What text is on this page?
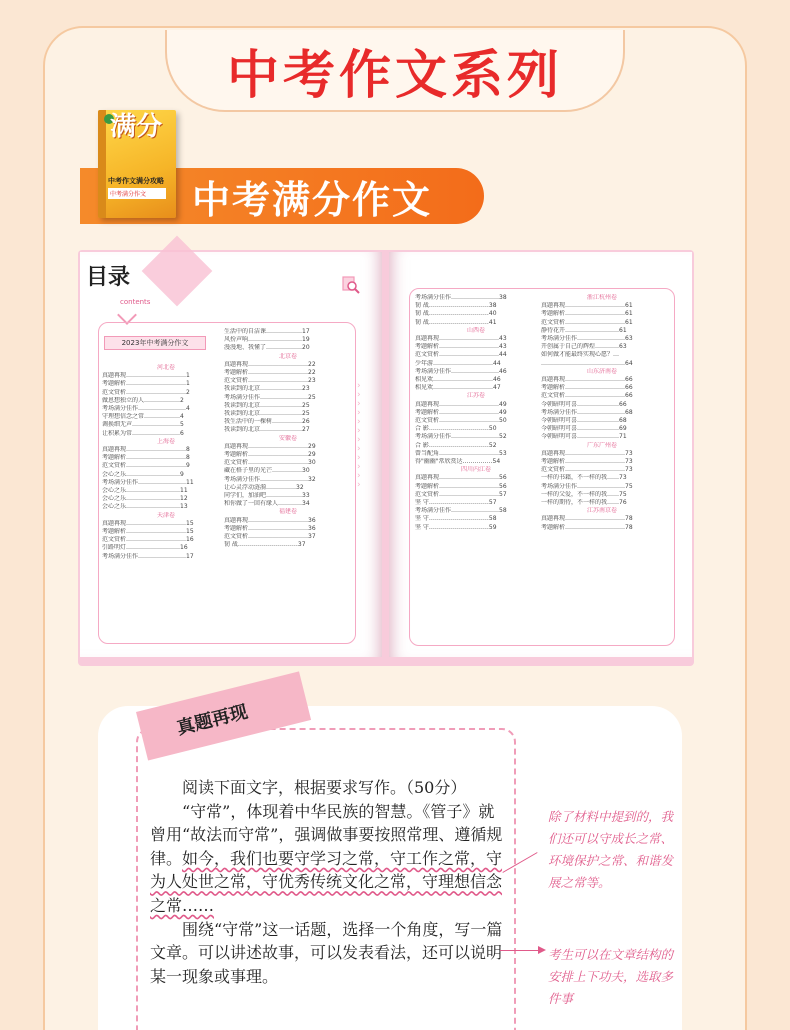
中考作文系列
中考满分作文
满分
中考作文满分攻略
中考满分作文
目录
contents
2023年中考满分作文
河北卷
真题再现…………………………1
考题解析…………………………1
范文赏析…………………………2
做恩想独立的人………………2
考场满分佳作……………………4
守理想信念之常………………4
调换细无声……………………5
让积累为常……………………6
上海卷
真题再现…………………………8
考题解析…………………………8
范文赏析…………………………9
会心之乐………………………9
考场满分佳作……………………11
会心之乐………………………11
会心之乐………………………12
会心之乐………………………13
天津卷
真题再现…………………………15
考题解析…………………………15
范文赏析…………………………16
引路明灯………………………16
考场满分佳作……………………17
生活中的自洁课………………17
风扮声响………………………19
漫漫地、我懂了………………20
北京卷
真题再现…………………………22
考题解析…………………………22
范文赏析…………………………23
我读到的北京…………………23
考场满分佳作……………………25
我读到的北京…………………25
我读到的北京…………………25
我生活中的一棵树……………26
我读到的北京…………………27
安徽卷
真题再现…………………………29
考题解析…………………………29
范文赏析…………………………30
藏在格子里的光芒……………30
考场满分佳作……………………32
让心灵浮动涟漪……………32
同学们，加油吧………………33
和你做了一回有缘人…………34
福建卷
真题再现…………………………36
考题解析…………………………36
范文赏析…………………………37
韧 战…………………………37
›
›
›
›
›
›
›
›
›
›
›
›
考场满分佳作……………………38
韧 战…………………………38
韧 战…………………………40
韧 战…………………………41
山西卷
真题再现…………………………43
考题解析…………………………43
范文赏析…………………………44
少年游…………………………44
考场满分佳作……………………46
相见欢…………………………46
相见欢…………………………47
江苏卷
真题再现…………………………49
考题解析…………………………49
范文赏析…………………………50
合 影…………………………50
考场满分佳作……………………52
合 影…………………………52
曾当配角…………………………53
得"幽幽"常欣赏达……………54
四川内江卷
真题再现…………………………56
考题解析…………………………56
范文赏析…………………………57
坚 守…………………………57
考场满分佳作……………………58
坚 守…………………………58
坚 守…………………………59
浙江杭州卷
真题再现…………………………61
考题解析…………………………61
范文赏析…………………………61
静待花开………………………61
考场满分佳作……………………63
开创属于自己的辉煌…………63
如何做才能最终实现心愿？…
……………………………………64
山东济南卷
真题再现…………………………66
考题解析…………………………66
范文赏析…………………………66
今朝暗明可喜…………………66
考场满分佳作……………………68
今朝暗明可喜…………………68
今朝暗明可喜…………………69
今朝暗明可喜…………………71
广东广州卷
真题再现…………………………73
考题解析…………………………73
范文赏析…………………………73
一样的书籍，不一样的我……73
考场满分佳作……………………75
一样的父爱，不一样的我……75
一样的期待，不一样的我……76
江苏南京卷
真题再现…………………………78
考题解析…………………………78
真题再现
阅读下面文字，根据要求写作。（50分）
“守常”，体现着中华民族的智慧。《管子》就曾用“故法而守常”，强调做事要按照常理、遵循规律。如今，我们也要守学习之常，守工作之常，守为人处世之常，守优秀传统文化之常，守理想信念之常……
围绕“守常”这一话题，选择一个角度，写一篇文章。可以讲述故事，可以发表看法，还可以说明某一现象或事理。
除了材料中提到的，我们还可以守成长之常、环境保护之常、和谐发展之常等。
考生可以在文章结构的安排上下功夫，选取多件事
